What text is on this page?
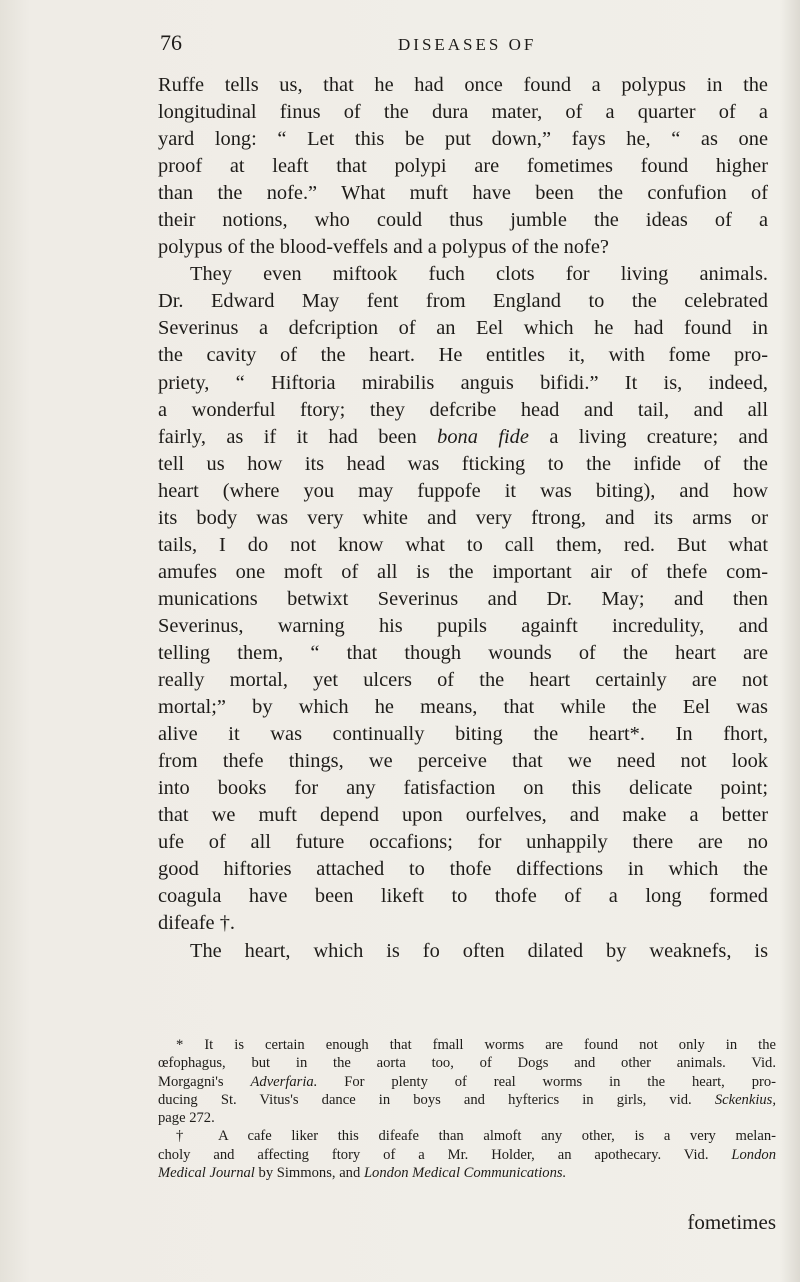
76	DISEASES OF
Ruffe tells us, that he had once found a polypus in the
longitudinal finus of the dura mater, of a quarter of a
yard long: “ Let this be put down,” fays he, “ as one
proof at leaft that polypi are fometimes found higher
than the nofe.” What muft have been the confufion of
their notions, who could thus jumble the ideas of a
polypus of the blood-veffels and a polypus of the nofe?
They even miftook fuch clots for living animals.
Dr. Edward May fent from England to the celebrated
Severinus a defcription of an Eel which he had found in
the cavity of the heart. He entitles it, with fome pro-
priety, “ Hiftoria mirabilis anguis bifidi.” It is, indeed,
a wonderful ftory; they defcribe head and tail, and all
fairly, as if it had been bona fide a living creature; and
tell us how its head was fticking to the infide of the
heart (where you may fuppofe it was biting), and how
its body was very white and very ftrong, and its arms or
tails, I do not know what to call them, red. But what
amufes one moft of all is the important air of thefe com-
munications betwixt Severinus and Dr. May; and then
Severinus, warning his pupils againft incredulity, and
telling them, “ that though wounds of the heart are
really mortal, yet ulcers of the heart certainly are not
mortal;” by which he means, that while the Eel was
alive it was continually biting the heart*. In fhort,
from thefe things, we perceive that we need not look
into books for any fatisfaction on this delicate point;
that we muft depend upon ourfelves, and make a better
ufe of all future occafions; for unhappily there are no
good hiftories attached to thofe diffections in which the
coagula have been likeft to thofe of a long formed
difeafe †.
The heart, which is fo often dilated by weaknefs, is
* It is certain enough that fmall worms are found not only in the
œfophagus, but in the aorta too, of Dogs and other animals. Vid.
Morgagni's Adverfaria. For plenty of real worms in the heart, pro-
ducing St. Vitus's dance in boys and hyfterics in girls, vid. Sckenkius,
page 272.
† A cafe liker this difeafe than almoft any other, is a very melan-
choly and affecting ftory of a Mr. Holder, an apothecary. Vid. London
Medical Journal by Simmons, and London Medical Communications.
fometimes
